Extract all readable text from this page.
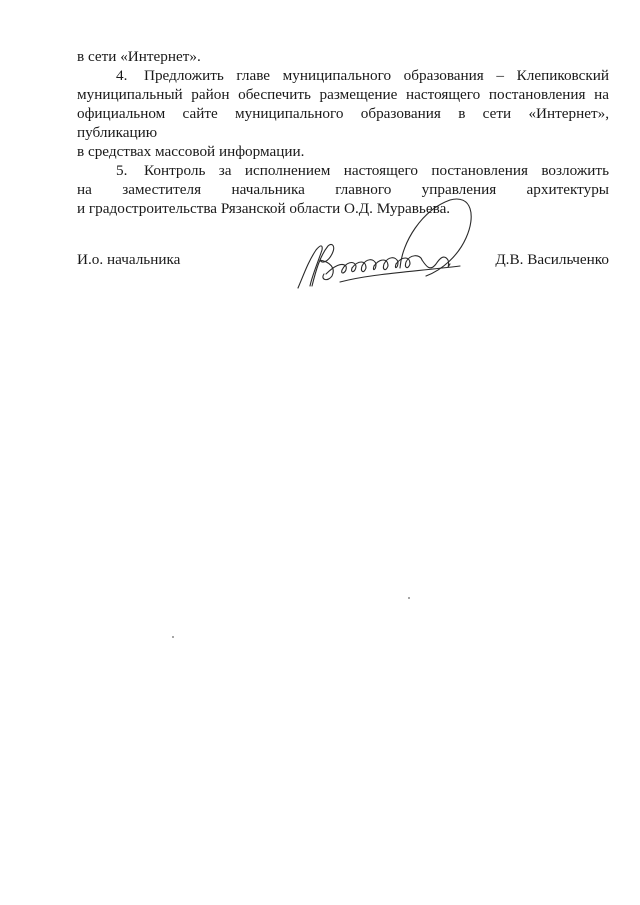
в сети «Интернет».
4. Предложить главе муниципального образования – Клепиковский
муниципальный район обеспечить размещение настоящего постановления на
официальном сайте муниципального образования в сети «Интернет», публикацию
в средствах массовой информации.
5. Контроль за исполнением настоящего постановления возложить
на заместителя начальника главного управления архитектуры
и градостроительства Рязанской области О.Д. Муравьева.
И.о. начальника	Д.В. Васильченко
